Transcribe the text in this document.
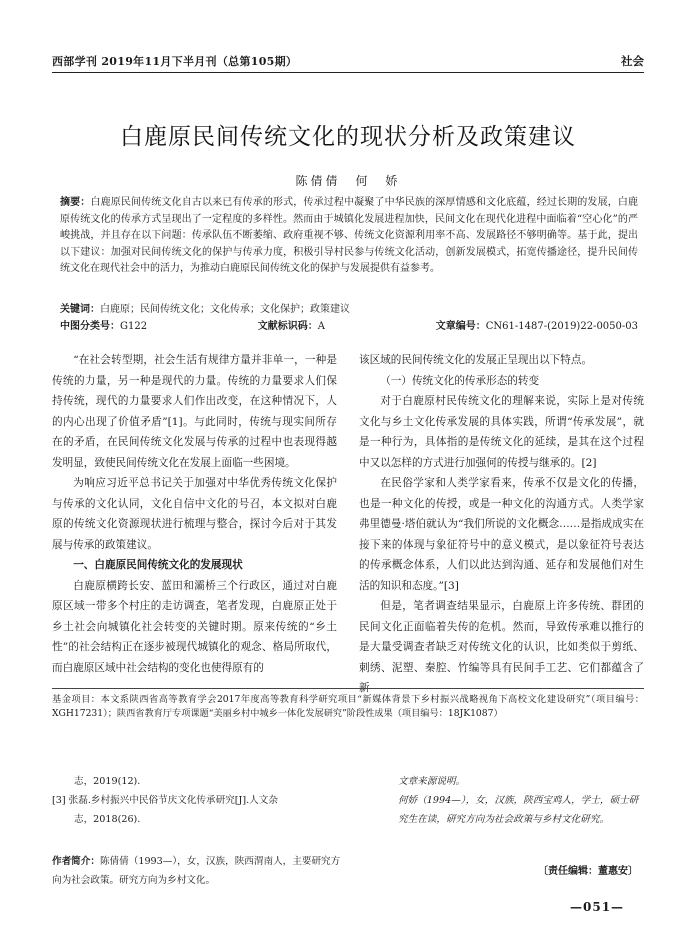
西部学刊 2019年11月下半月刊（总第105期）	社会
白鹿原民间传统文化的现状分析及政策建议
陈倩倩　何　娇
摘要：白鹿原民间传统文化自古以来已有传承的形式，传承过程中凝聚了中华民族的深厚情感和文化底蕴，经过长期的发展，白鹿原传统文化的传承方式呈现出了一定程度的多样性。然而由于城镇化发展进程加快，民间文化在现代化进程中面临着“空心化”的严峻挑战，并且存在以下问题：传承队伍不断萎缩、政府重视不够、传统文化资源利用率不高、发展路径不够明确等。基于此，提出以下建议：加强对民间传统文化的保护与传承力度，积极引导村民参与传统文化活动，创新发展模式，拓宽传播途径，提升民间传统文化在现代社会中的活力，为推动白鹿原民间传统文化的保护与发展提供有益参考。
关键词：白鹿原；民间传统文化；文化传承；文化保护；政策建议
中图分类号：G122	文献标识码：A	文章编号：CN61-1487-(2019)22-0050-03

“在社会转型期，社会生活有规律方量并非单一，一种是传统的力量，另一种是现代的力量。传统的力量要求人们保持传统，现代的力量要求人们作出改变，在这种情况下，人的内心出现了价值矛盾”[1]。与此同时，传统与现实间所存在的矛盾，在民间传统文化发展与传承的过程中也表现得越发明显，致使民间传统文化在发展上面临一些困境。

为响应习近平总书记关于加强对中华优秀传统文化保护与传承的文化认同，文化自信中文化的号召，本文拟对白鹿原的传统文化资源现状进行梳理与整合，探讨今后对于其发展与传承的政策建议。

一、白鹿原民间传统文化的发展现状

白鹿原横跨长安、蓝田和灞桥三个行政区，通过对白鹿原区域一带多个村庄的走访调查，笔者发现，白鹿原正处于乡土社会向城镇化社会转变的关键时期。原来传统的“乡土性”的社会结构正在逐步被现代城镇化的观念、格局所取代，而白鹿原区域中社会结构的变化也使得原有的

该区域的民间传统文化的发展正呈现出以下特点。

（一）传统文化的传承形态的转变

对于白鹿原村民传统文化的理解来说，实际上是对传统文化与乡土文化传承发展的具体实践，所谓“传承发展”，就是一种行为，具体指的是传统文化的延续，是其在这个过程中又以怎样的方式进行加强何的传授与继承的。[2]

在民俗学家和人类学家看来，传承不仅是文化的传播，也是一种文化的传授，或是一种文化的沟通方式。人类学家弗里德曼·塔伯就认为“我们所说的文化概念……是指成成实在接下来的体现与象征符号中的意义模式，是以象征符号表达的传承概念体系，人们以此达到沟通、延存和发展他们对生活的知识和态度。”[3]

但是，笔者调查结果显示，白鹿原上许多传统、群团的民间文化正面临着失传的危机。然而，导致传承难以推行的是大量受调查者缺乏对传统文化的认识，比如类似于剪纸、刺绣、泥塑、秦腔、竹编等具有民间手工艺、它们都蕴含了新

基金项目：本文系陕西省高等教育学会2017年度高等教育科学研究项目“新媒体背景下乡村振兴战略视角下高校文化建设研究”（项目编号：XGH17231）；陕西省教育厅专项课题“美丽乡村中城乡一体化发展研究”阶段性成果（项目编号：18JK1087）

志，2019(12).

[3] 张磊.乡村振兴中民俗节庆文化传承研究[J].人文杂

志，2018(26).

作者简介：陈倩倩（1993—），女，汉族，陕西渭南人，主要研究方向为社会政策。研究方向为乡村文化。
文章来源说明。
何娇（1994—），女，汉族，陕西宝鸡人，学士，硕士研究生在读，研究方向为社会政策与乡村文化研究。
〔责任编辑：董惠安〕
—051—
